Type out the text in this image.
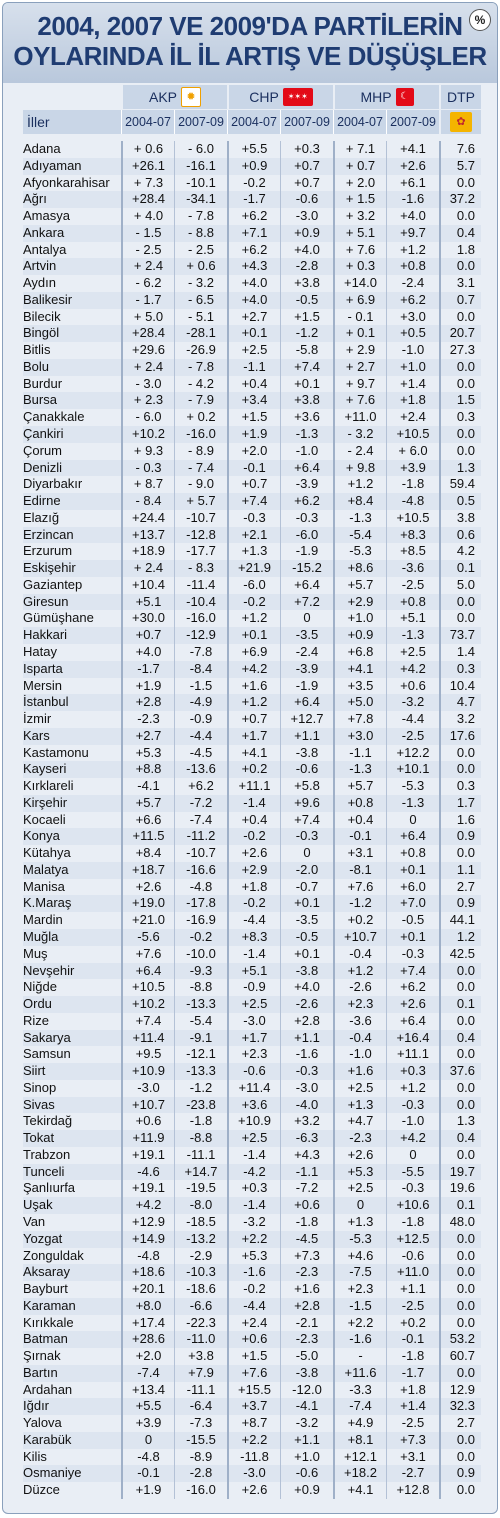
2004, 2007 VE 2009'DA PARTİLERİN
OYLARINDA İL İL ARTIŞ VE DÜŞÜŞLER
%
AKP ✹	CHP	✶✶✶	MHP ☾	DTP
İller	2004-07 2007-09 2004-07 2007-09 2004-07 2007-09	✿
Adana	+ 0.6	- 6.0	+5.5	+0.3	+ 7.1	+4.1	7.6
Adıyaman	+26.1	-16.1	+0.9	+0.7	+ 0.7	+2.6	5.7
Afyonkarahisar	+ 7.3	-10.1	-0.2	+0.7	+ 2.0	+6.1	0.0
Ağrı	+28.4	-34.1	-1.7	-0.6	+ 1.5	-1.6	37.2
Amasya	+ 4.0	- 7.8	+6.2	-3.0	+ 3.2	+4.0	0.0
Ankara	- 1.5	- 8.8	+7.1	+0.9	+ 5.1	+9.7	0.4
Antalya	- 2.5	- 2.5	+6.2	+4.0	+ 7.6	+1.2	1.8
Artvin	+ 2.4	+ 0.6	+4.3	-2.8	+ 0.3	+0.8	0.0
Aydın	- 6.2	- 3.2	+4.0	+3.8	+14.0	-2.4	3.1
Balikesir	- 1.7	- 6.5	+4.0	-0.5	+ 6.9	+6.2	0.7
Bilecik	+ 5.0	- 5.1	+2.7	+1.5	- 0.1	+3.0	0.0
Bingöl	+28.4	-28.1	+0.1	-1.2	+ 0.1	+0.5	20.7
Bitlis	+29.6	-26.9	+2.5	-5.8	+ 2.9	-1.0	27.3
Bolu	+ 2.4	- 7.8	-1.1	+7.4	+ 2.7	+1.0	0.0
Burdur	- 3.0	- 4.2	+0.4	+0.1	+ 9.7	+1.4	0.0
Bursa	+ 2.3	- 7.9	+3.4	+3.8	+ 7.6	+1.8	1.5
Çanakkale	- 6.0	+ 0.2	+1.5	+3.6	+11.0	+2.4	0.3
Çankiri	+10.2	-16.0	+1.9	-1.3	- 3.2	+10.5	0.0
Çorum	+ 9.3	- 8.9	+2.0	-1.0	- 2.4	+ 6.0	0.0
Denizli	- 0.3	- 7.4	-0.1	+6.4	+ 9.8	+3.9	1.3
Diyarbakır	+ 8.7	- 9.0	+0.7	-3.9	+1.2	-1.8	59.4
Edirne	- 8.4	+ 5.7	+7.4	+6.2	+8.4	-4.8	0.5
Elazığ	+24.4	-10.7	-0.3	-0.3	-1.3	+10.5	3.8
Erzincan	+13.7	-12.8	+2.1	-6.0	-5.4	+8.3	0.6
Erzurum	+18.9	-17.7	+1.3	-1.9	-5.3	+8.5	4.2
Eskişehir	+ 2.4	- 8.3	+21.9	-15.2	+8.6	-3.6	0.1
Gaziantep	+10.4	-11.4	-6.0	+6.4	+5.7	-2.5	5.0
Giresun	+5.1	-10.4	-0.2	+7.2	+2.9	+0.8	0.0
Gümüşhane	+30.0	-16.0	+1.2	0	+1.0	+5.1	0.0
Hakkari	+0.7	-12.9	+0.1	-3.5	+0.9	-1.3	73.7
Hatay	+4.0	-7.8	+6.9	-2.4	+6.8	+2.5	1.4
Isparta	-1.7	-8.4	+4.2	-3.9	+4.1	+4.2	0.3
Mersin	+1.9	-1.5	+1.6	-1.9	+3.5	+0.6	10.4
İstanbul	+2.8	-4.9	+1.2	+6.4	+5.0	-3.2	4.7
İzmir	-2.3	-0.9	+0.7	+12.7	+7.8	-4.4	3.2
Kars	+2.7	-4.4	+1.7	+1.1	+3.0	-2.5	17.6
Kastamonu	+5.3	-4.5	+4.1	-3.8	-1.1	+12.2	0.0
Kayseri	+8.8	-13.6	+0.2	-0.6	-1.3	+10.1	0.0
Kırklareli	-4.1	+6.2	+11.1	+5.8	+5.7	-5.3	0.3
Kirşehir	+5.7	-7.2	-1.4	+9.6	+0.8	-1.3	1.7
Kocaeli	+6.6	-7.4	+0.4	+7.4	+0.4	0	1.6
Konya	+11.5	-11.2	-0.2	-0.3	-0.1	+6.4	0.9
Kütahya	+8.4	-10.7	+2.6	0	+3.1	+0.8	0.0
Malatya	+18.7	-16.6	+2.9	-2.0	-8.1	+0.1	1.1
Manisa	+2.6	-4.8	+1.8	-0.7	+7.6	+6.0	2.7
K.Maraş	+19.0	-17.8	-0.2	+0.1	-1.2	+7.0	0.9
Mardin	+21.0	-16.9	-4.4	-3.5	+0.2	-0.5	44.1
Muğla	-5.6	-0.2	+8.3	-0.5	+10.7	+0.1	1.2
Muş	+7.6	-10.0	-1.4	+0.1	-0.4	-0.3	42.5
Nevşehir	+6.4	-9.3	+5.1	-3.8	+1.2	+7.4	0.0
Niğde	+10.5	-8.8	-0.9	+4.0	-2.6	+6.2	0.0
Ordu	+10.2	-13.3	+2.5	-2.6	+2.3	+2.6	0.1
Rize	+7.4	-5.4	-3.0	+2.8	-3.6	+6.4	0.0
Sakarya	+11.4	-9.1	+1.7	+1.1	-0.4	+16.4	0.4
Samsun	+9.5	-12.1	+2.3	-1.6	-1.0	+11.1	0.0
Siirt	+10.9	-13.3	-0.6	-0.3	+1.6	+0.3	37.6
Sinop	-3.0	-1.2	+11.4	-3.0	+2.5	+1.2	0.0
Sivas	+10.7	-23.8	+3.6	-4.0	+1.3	-0.3	0.0
Tekirdağ	+0.6	-1.8	+10.9	+3.2	+4.7	-1.0	1.3
Tokat	+11.9	-8.8	+2.5	-6.3	-2.3	+4.2	0.4
Trabzon	+19.1	-11.1	-1.4	+4.3	+2.6	0	0.0
Tunceli	-4.6	+14.7	-4.2	-1.1	+5.3	-5.5	19.7
Şanlıurfa	+19.1	-19.5	+0.3	-7.2	+2.5	-0.3	19.6
Uşak	+4.2	-8.0	-1.4	+0.6	0	+10.6	0.1
Van	+12.9	-18.5	-3.2	-1.8	+1.3	-1.8	48.0
Yozgat	+14.9	-13.2	+2.2	-4.5	-5.3	+12.5	0.0
Zonguldak	-4.8	-2.9	+5.3	+7.3	+4.6	-0.6	0.0
Aksaray	+18.6	-10.3	-1.6	-2.3	-7.5	+11.0	0.0
Bayburt	+20.1	-18.6	-0.2	+1.6	+2.3	+1.1	0.0
Karaman	+8.0	-6.6	-4.4	+2.8	-1.5	-2.5	0.0
Kırıkkale	+17.4	-22.3	+2.4	-2.1	+2.2	+0.2	0.0
Batman	+28.6	-11.0	+0.6	-2.3	-1.6	-0.1	53.2
Şırnak	+2.0	+3.8	+1.5	-5.0	-	-1.8	60.7
Bartın	-7.4	+7.9	+7.6	-3.8	+11.6	-1.7	0.0
Ardahan	+13.4	-11.1	+15.5	-12.0	-3.3	+1.8	12.9
Iğdır	+5.5	-6.4	+3.7	-4.1	-7.4	+1.4	32.3
Yalova	+3.9	-7.3	+8.7	-3.2	+4.9	-2.5	2.7
Karabük	0	-15.5	+2.2	+1.1	+8.1	+7.3	0.0
Kilis	-4.8	-8.9	-11.8	+1.0	+12.1	+3.1	0.0
Osmaniye	-0.1	-2.8	-3.0	-0.6	+18.2	-2.7	0.9
Düzce	+1.9	-16.0	+2.6	+0.9	+4.1	+12.8	0.0
